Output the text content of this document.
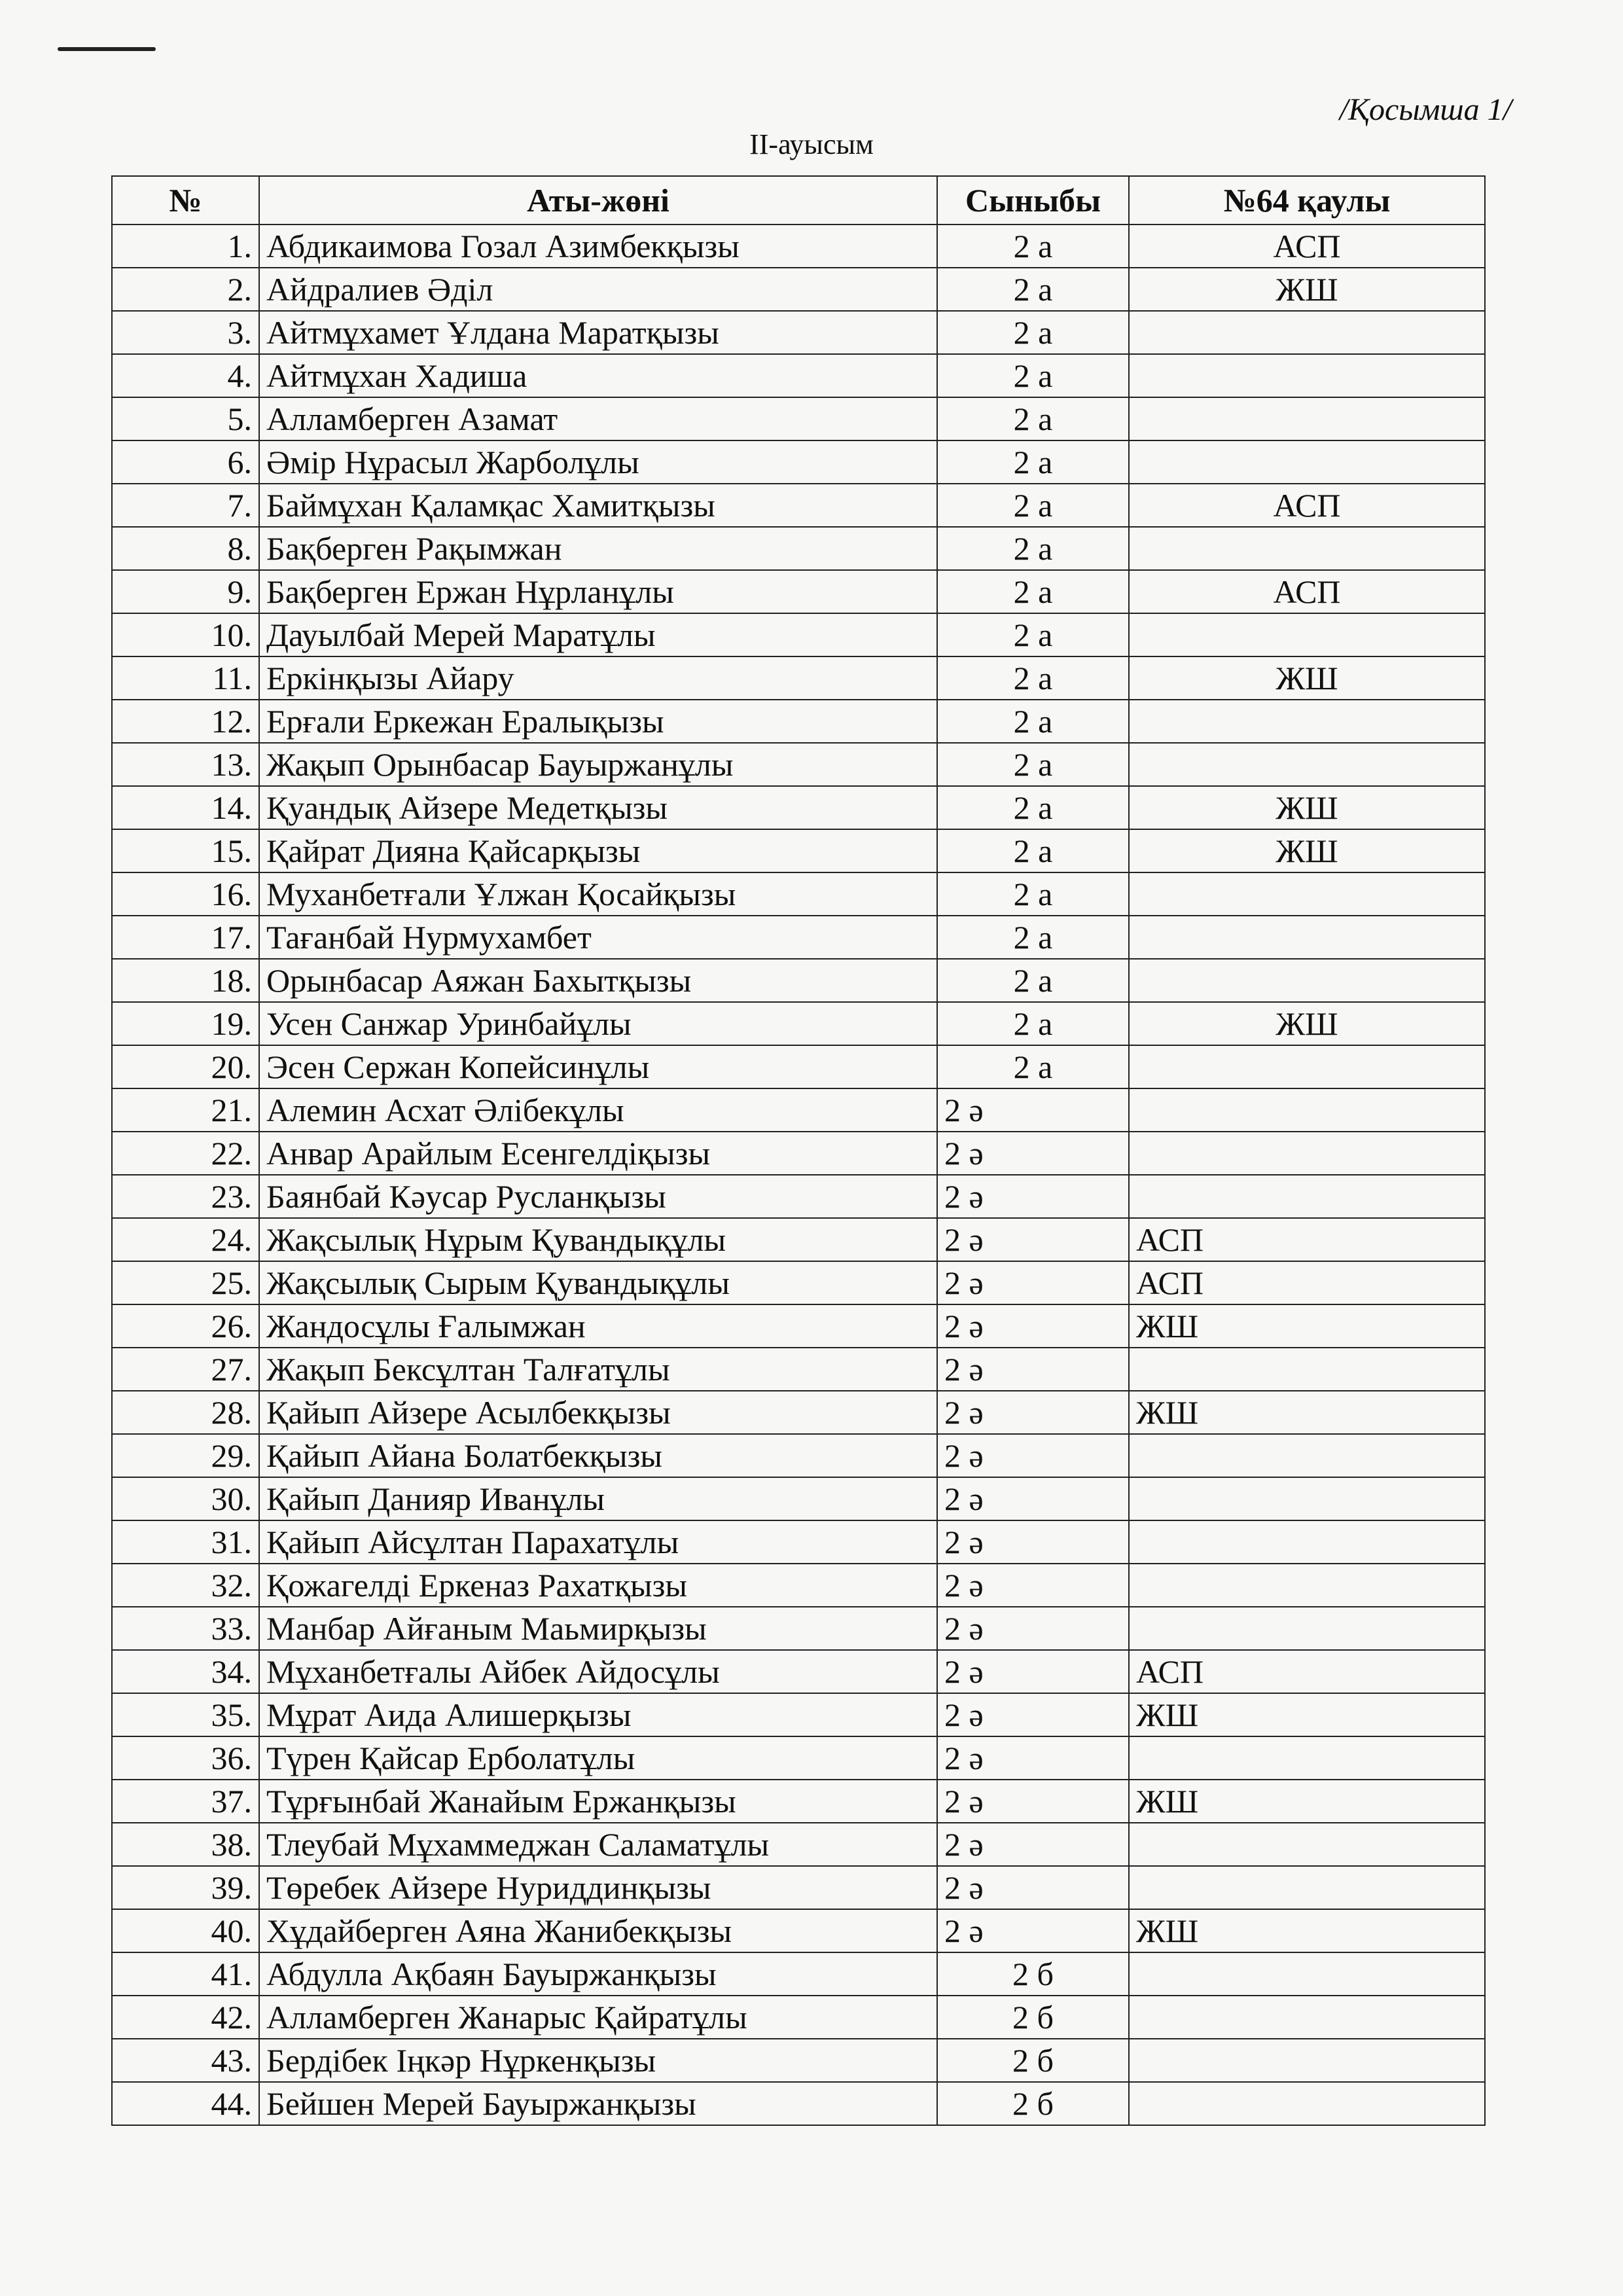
/Қосымша 1/
ІІ-ауысым
№	Аты-жөні	Сыныбы	№64 қаулы
1.	Абдикаимова Гозал Азимбекқызы	2 а	АСП

2.	Айдралиев Әділ	2 а	ЖШ

3.	Айтмұхамет Ұлдана Маратқызы	2 а	

4.	Айтмұхан Хадиша	2 а	

5.	Алламберген Азамат	2 а	

6.	Әмір Нұрасыл Жарболұлы	2 а	

7.	Баймұхан Қаламқас Хамитқызы	2 а	АСП

8.	Бақберген Рақымжан	2 а	

9.	Бақберген Ержан Нұрланұлы	2 а	АСП

10.	Дауылбай Мерей Маратұлы	2 а	

11.	Еркінқызы Айару	2 а	ЖШ

12.	Ерғали Еркежан Ералықызы	2 а	

13.	Жақып Орынбасар Бауыржанұлы	2 а	

14.	Қуандық Айзере Медетқызы	2 а	ЖШ

15.	Қайрат Дияна Қайсарқызы	2 а	ЖШ

16.	Муханбетғали Ұлжан Қосайқызы	2 а	

17.	Тағанбай Нурмухамбет	2 а	

18.	Орынбасар Аяжан Бахытқызы	2 а	

19.	Усен Санжар Уринбайұлы	2 а	ЖШ

20.	Эсен Сержан Копейсинұлы	2 а	

21.	Алемин Асхат Әлібекұлы	2 ә	

22.	Анвар Арайлым Есенгелдіқызы	2 ә	

23.	Баянбай Кәусар Русланқызы	2 ә	

24.	Жақсылық Нұрым Қувандықұлы	2 ә	АСП

25.	Жақсылық Сырым Қувандықұлы	2 ә	АСП

26.	Жандосұлы Ғалымжан	2 ә	ЖШ

27.	Жақып Бексұлтан Талғатұлы	2 ә	

28.	Қайып Айзере Асылбекқызы	2 ә	ЖШ

29.	Қайып Айана Болатбекқызы	2 ә	

30.	Қайып Данияр Иванұлы	2 ә	

31.	Қайып Айсұлтан Парахатұлы	2 ә	

32.	Қожагелді Еркеназ Рахатқызы	2 ә	

33.	Манбар Айғаным Маьмирқызы	2 ә	

34.	Мұханбетғалы Айбек Айдосұлы	2 ә	АСП

35.	Мұрат Аида Алишерқызы	2 ә	ЖШ

36.	Түрен Қайсар Ерболатұлы	2 ә	

37.	Тұрғынбай Жанайым Ержанқызы	2 ә	ЖШ

38.	Тлеубай Мұхаммеджан Саламатұлы	2 ә	

39.	Төребек Айзере Нуриддинқызы	2 ә	

40.	Хұдайберген Аяна Жанибекқызы	2 ә	ЖШ

41.	Абдулла Ақбаян Бауыржанқызы	2 б	

42.	Алламберген Жанарыс Қайратұлы	2 б	

43.	Бердібек Іңкәр Нұркенқызы	2 б	

44.	Бейшен Мерей Бауыржанқызы	2 б	
